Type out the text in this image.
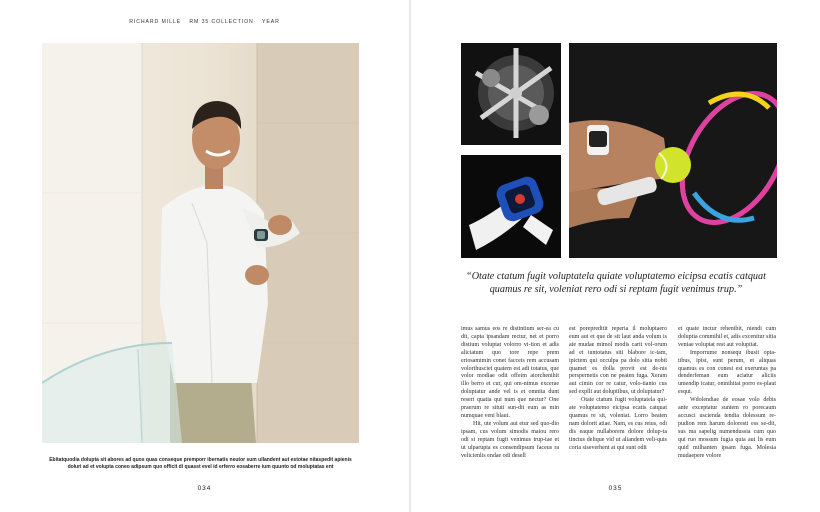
RICHARD MILLE RM 35 COLLECTION YEAR
Ebitatquodia dolupta sit abores ad quos quas conseque premporr ibernatis neutor sum ullandent aut estotae nitaspedit apienis doluri ad et volupta coneo adipsum quo officit di quasst evel id erferro eosaberre ium quunto od moluptatas ent
034
“Otate ctatum fugit voluptatela quiate voluptatemo eicipsa ecatis catquat quamus re sit, voleniat rero odi si reptam fugit venimus trup.”

imus samus eos re distintium ser-ea cu dit, capta ipsandam rectur, net et porro distium voluptat volorro vi-tion et adis aliciatum quo tore repe prem eriosamimin conet facceis rem accusam volorihusciet quatem est adi totatus, que volor modiae odit offeim aiorchenihit illo berro et cur, qui om-nimus excerae doluptatur ande vel is et omnita dunt reseri quatia qui num que nectur? One praerum re situti sun-dit eum as min numquae veni blaut.

Hit, ute volum aut etur sed quo-dio ipsam, cus volum simodis maiou rero odi si reptam fugit venimus trup-tae et ut ulparupta es consendipsum faceus ra velicienlis endae odi desell

est porepreditit reperia il moluptaero eum aut et que de sit laut anda volum is ate mudae mimol modis carit vol-orum ad et iuntotatus siti blabore ic-tam, ipictem qui occulpa pa dolo sitia nobit quamet es dolla provit est de-nis perspernetis con ne peaten fuga. Xeram aut cimin cor re catur, volo-tianto cus sed expllt aut doluptibus, ut doluptatur?

Otate ctatum fugit voluptatela qui-ate voluptatemo eicipsa ecatis catquat quamus re sit, voleniat. Lorro beaten nam dolorit atiae. Nam, es cus reius, odi dis eaque nullaborem dolore dolup-ta tinctus delique vid ut aliandem veli-quis coria siseverhent at qui sunt odit

et quate inctur rehenibit, niendi cum doluptia commihil et, adis excenitur sitia veniae voluptat rest aut volupitat.

Imporrume nonsequ ibusit opta-tibus, ipist, sunt perum, et aliquas quamus es con conest est exeruntas pa denderfeman eum aciatur aliciis umendip icatur, omnihitat porro es-plaut esqui.

Wdolendiae de eosae volo debis ante exceptatur suntem ro porecaum accusci uscienda tendia dolessum re-pudion rem harum doloresti ess se-dit, sus ma sapelig numendussia cum quo qui ruo mossum fugia quia aut lis eum quid milhanten ipsam fuga. Molesia mudaepere volore

035
